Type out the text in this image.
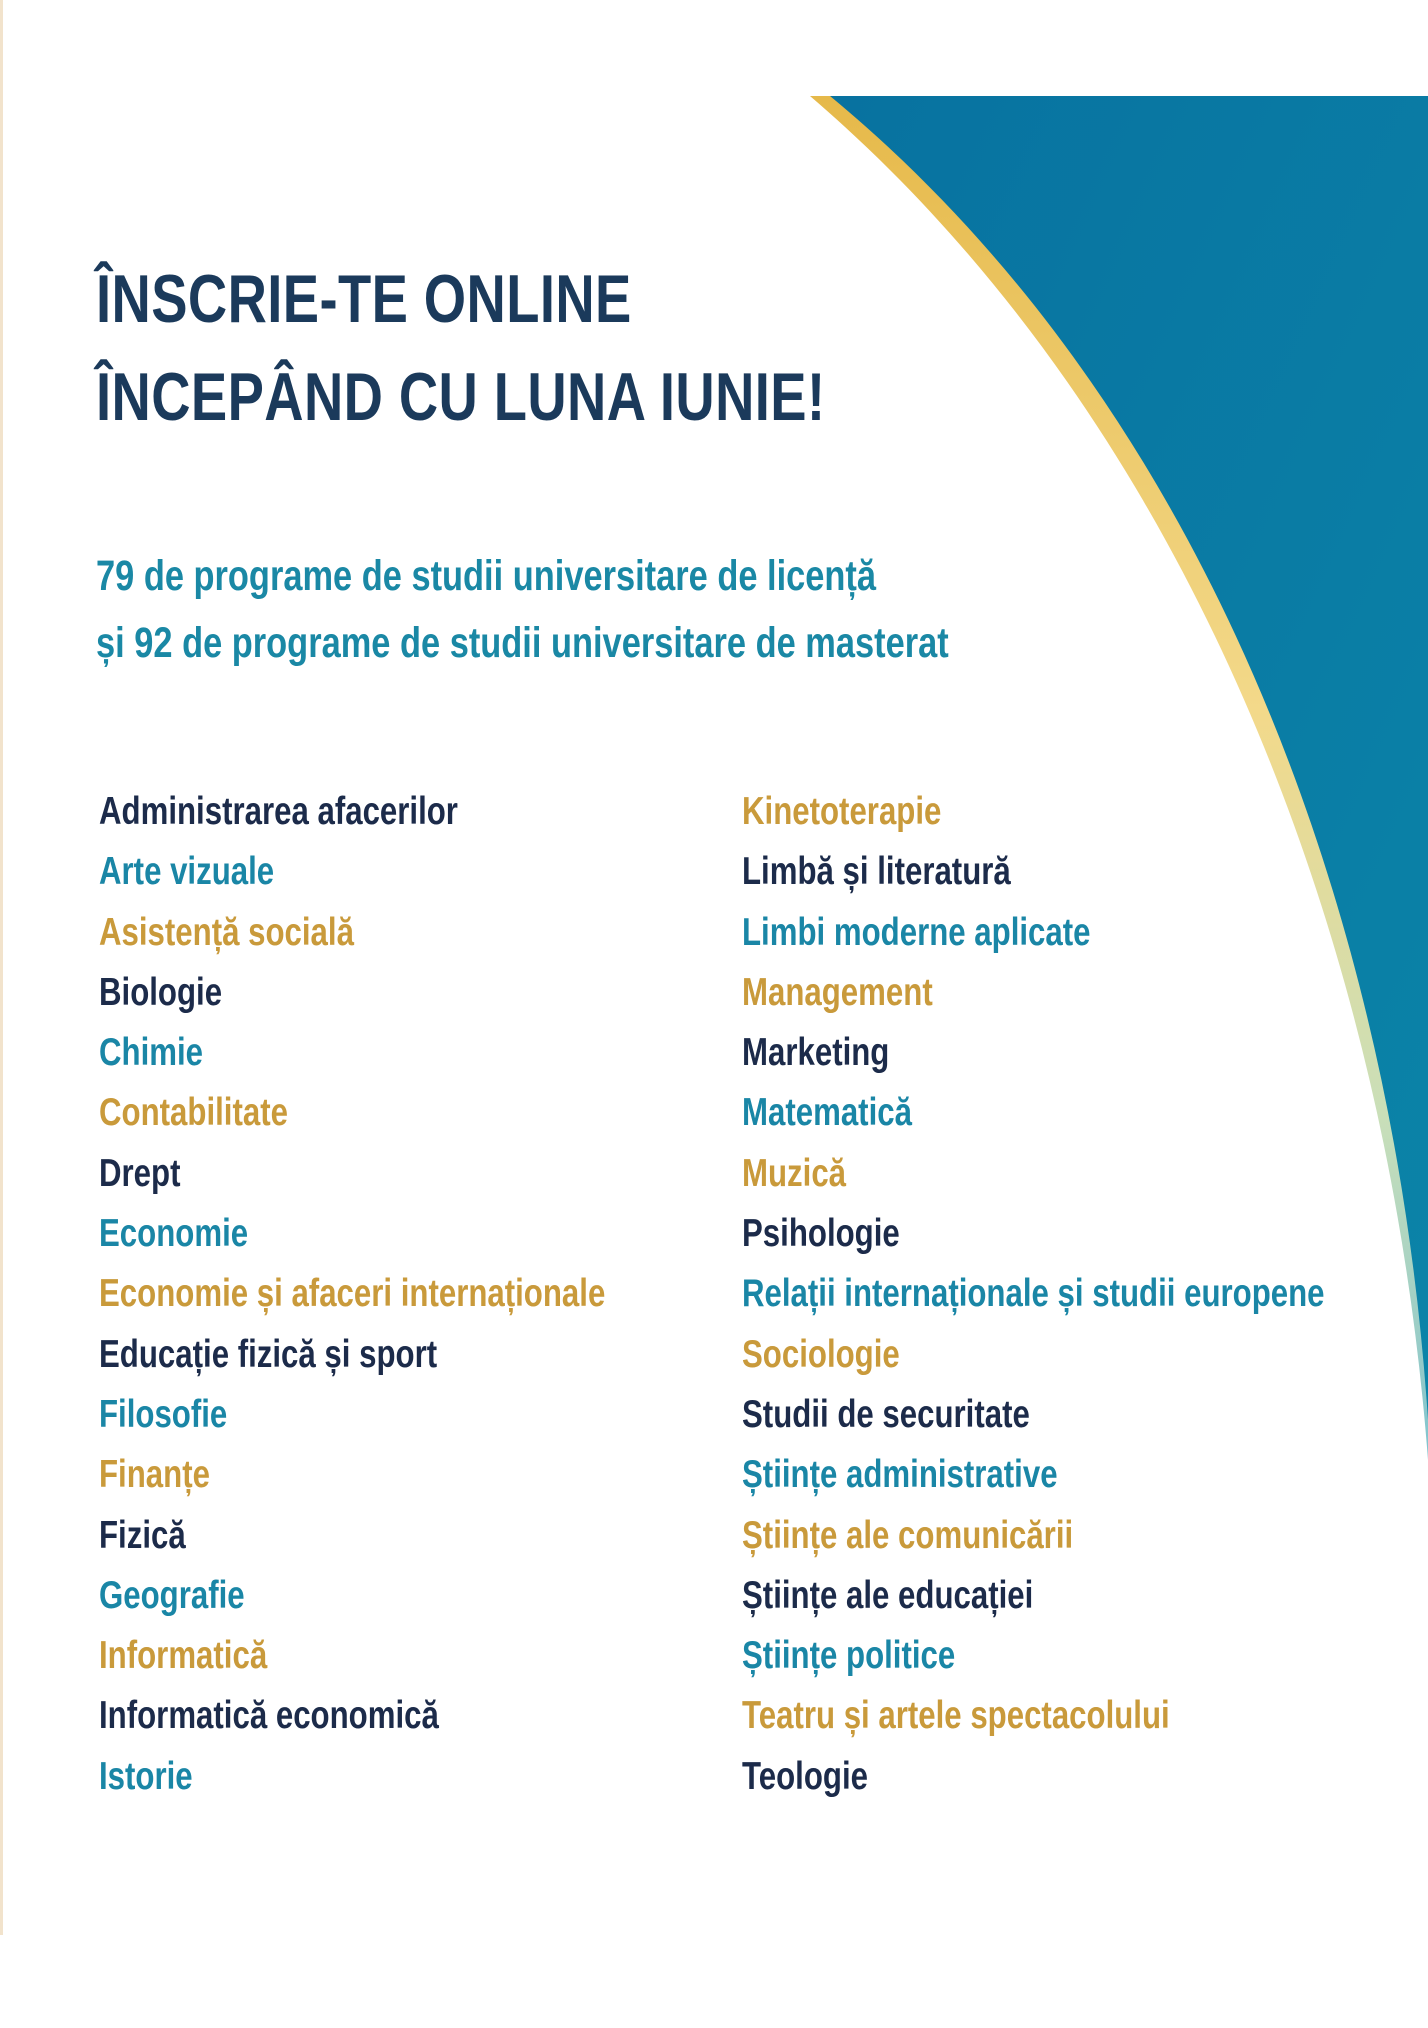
ÎNSCRIE-TE ONLINE
ÎNCEPÂND CU LUNA IUNIE!

79 de programe de studii universitare de licență
și 92 de programe de studii universitare de masterat

Administrarea afacerilor
Arte vizuale
Asistență socială
Biologie
Chimie
Contabilitate
Drept
Economie
Economie și afaceri internaționale
Educație fizică și sport
Filosofie
Finanțe
Fizică
Geografie
Informatică
Informatică economică
Istorie
Kinetoterapie
Limbă și literatură
Limbi moderne aplicate
Management
Marketing
Matematică
Muzică
Psihologie
Relații internaționale și studii europene
Sociologie
Studii de securitate
Științe administrative
Științe ale comunicării
Științe ale educației
Științe politice
Teatru și artele spectacolului
Teologie
